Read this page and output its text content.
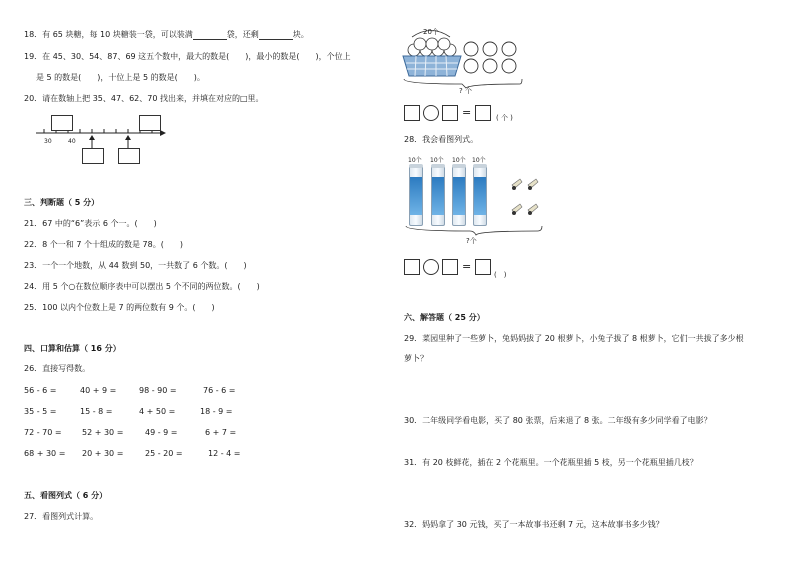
18．有 65 块糖，每 10 块糖装一袋，可以装满	袋，还剩	块。
19．在 45、30、54、87、69 这五个数中，最大的数是(　　)，最小的数是(　　)，个位上
是 5 的数是(　　)，十位上是 5 的数是(　　)。
20．请在数轴上把 35、47、62、70 找出来，并填在对应的□里。
30	40
三、判断题（ 5 分）
21．67 中的“6”表示 6 个一。(　　)
22．8 个一和 7 个十组成的数是 78。(　　)
23．一个一个地数，从 44 数到 50，一共数了 6 个数。(　　)
24．用 5 个○在数位顺序表中可以摆出 5 个不同的两位数。(　　)
25．100 以内个位数上是 7 的两位数有 9 个。(　　)
四、口算和估算（ 16 分）
26．直接写得数。
56 - 6 =	40 + 9 =	98 - 90 =	76 - 6 =
35 - 5 =	15 - 8 =	4 + 50 =	18 - 9 =
72 - 70 =	52 + 30 =	49 - 9 =	6 + 7 =
68 + 30 = 20 + 30 =	25 - 20 =	12 - 4 =
五、看图列式（ 6 分）
27．看图列式计算。
20个
? 个
=	( 个 )
28．我会看图列式。
10个 10个 10个 10个
?个
=
(　)
六、解答题（ 25 分）
29．菜园里种了一些萝卜，兔妈妈拔了 20 根萝卜，小兔子拔了 8 根萝卜，它们一共拔了多少根
萝卜？
30．二年级同学看电影，买了 80 张票，后来退了 8 张。二年级有多少同学看了电影？
31．有 20 枝鲜花，插在 2 个花瓶里。一个花瓶里插 5 枝，另一个花瓶里插几枝？
32．妈妈拿了 30 元钱，买了一本故事书还剩 7 元，这本故事书多少钱？
